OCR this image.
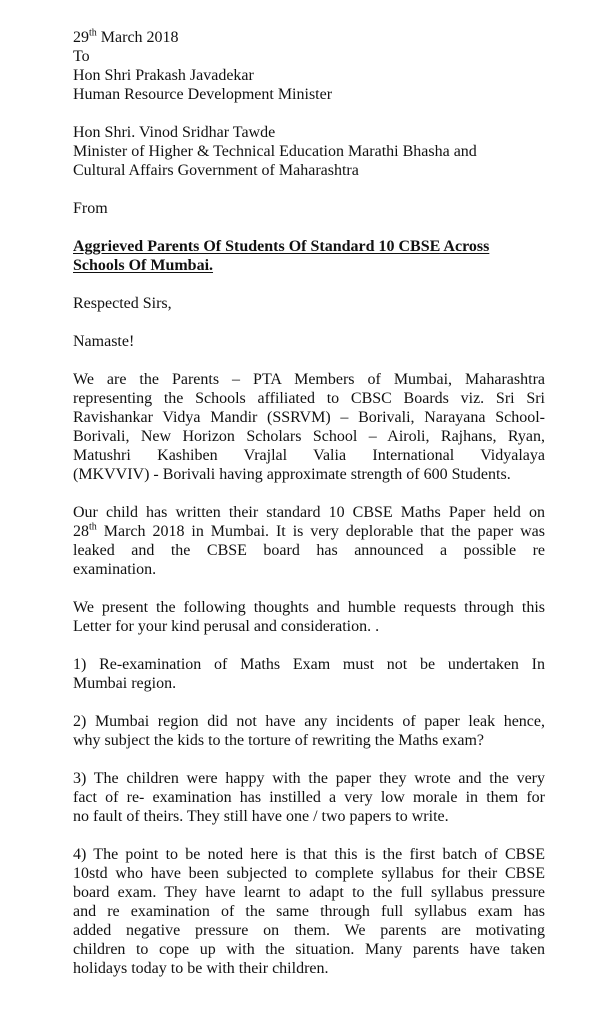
29th March 2018
To
Hon Shri Prakash Javadekar
Human Resource Development Minister
Hon Shri. Vinod Sridhar Tawde
Minister of Higher & Technical Education Marathi Bhasha and
Cultural Affairs Government of Maharashtra
From
Aggrieved Parents Of Students Of Standard 10 CBSE Across
Schools Of Mumbai.
Respected Sirs,
Namaste!
We are the Parents – PTA Members of Mumbai, Maharashtra
representing the Schools affiliated to CBSC Boards viz. Sri Sri
Ravishankar Vidya Mandir (SSRVM) – Borivali, Narayana School-
Borivali, New Horizon Scholars School – Airoli, Rajhans, Ryan,
Matushri Kashiben Vrajlal Valia International Vidyalaya
(MKVVIV) - Borivali having approximate strength of 600 Students.
Our child has written their standard 10 CBSE Maths Paper held on
28th March 2018 in Mumbai. It is very deplorable that the paper was
leaked and the CBSE board has announced a possible re
examination.
We present the following thoughts and humble requests through this
Letter for your kind perusal and consideration. .
1) Re-examination of Maths Exam must not be undertaken In
Mumbai region.
2) Mumbai region did not have any incidents of paper leak hence,
why subject the kids to the torture of rewriting the Maths exam?
3) The children were happy with the paper they wrote and the very
fact of re- examination has instilled a very low morale in them for
no fault of theirs. They still have one / two papers to write.
4) The point to be noted here is that this is the first batch of CBSE
10std who have been subjected to complete syllabus for their CBSE
board exam. They have learnt to adapt to the full syllabus pressure
and re examination of the same through full syllabus exam has
added negative pressure on them. We parents are motivating
children to cope up with the situation. Many parents have taken
holidays today to be with their children.
